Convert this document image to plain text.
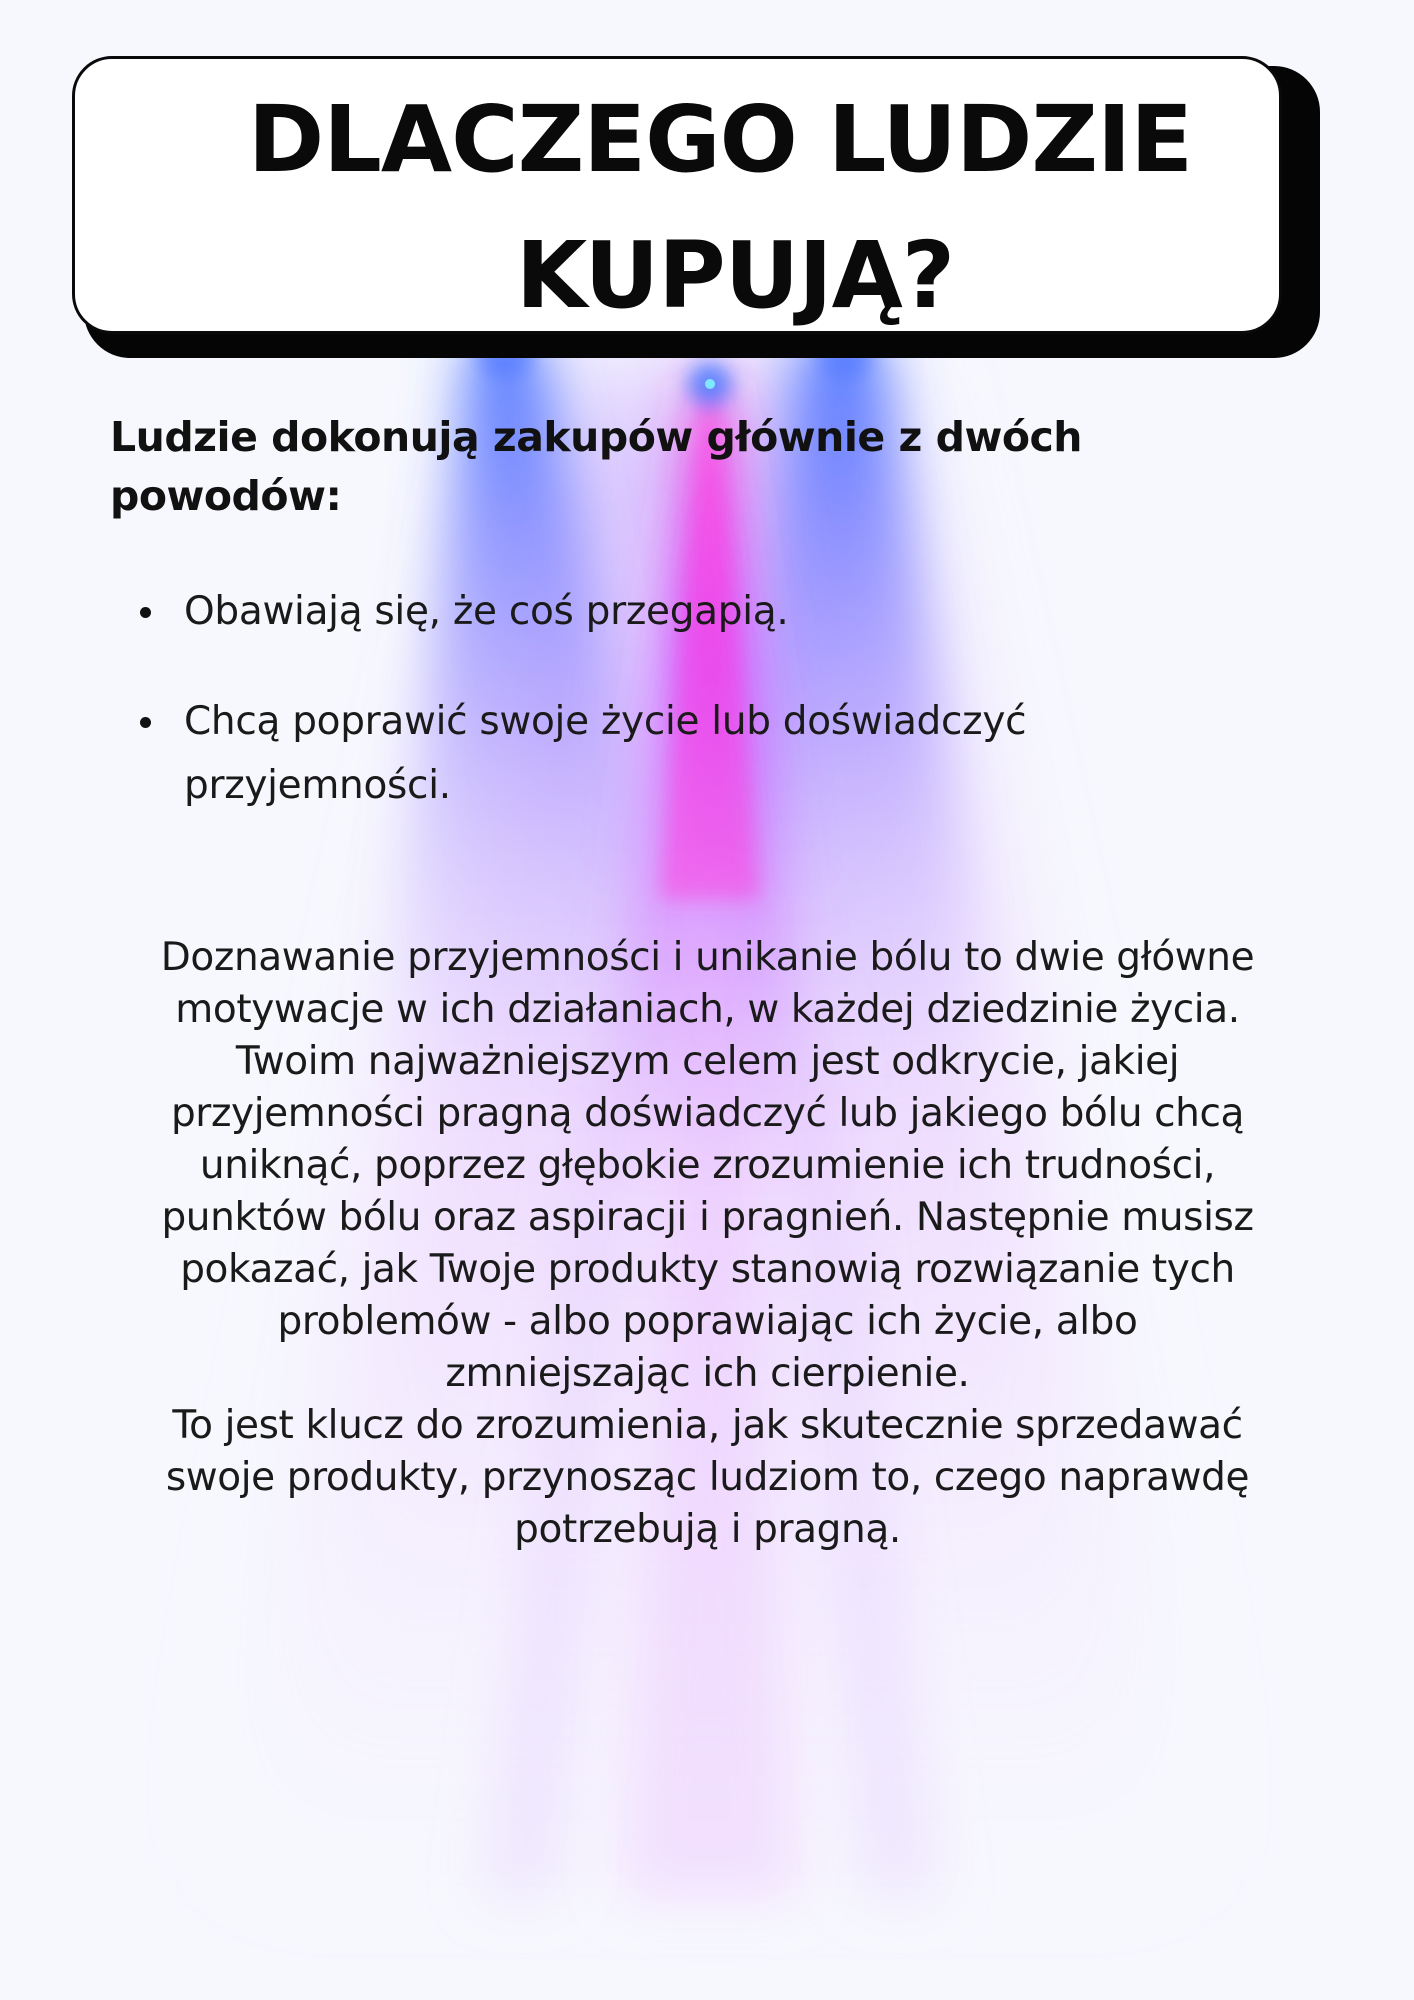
DLACZEGO LUDZIE
KUPUJĄ?

Ludzie dokonują zakupów głównie z dwóch
powodów:

Obawiają się, że coś przegapią.
Chcą poprawić swoje życie lub doświadczyć
przyjemności.

Doznawanie przyjemności i unikanie bólu to dwie główne
motywacje w ich działaniach, w każdej dziedzinie życia.
Twoim najważniejszym celem jest odkrycie, jakiej
przyjemności pragną doświadczyć lub jakiego bólu chcą
uniknąć, poprzez głębokie zrozumienie ich trudności,
punktów bólu oraz aspiracji i pragnień. Następnie musisz
pokazać, jak Twoje produkty stanowią rozwiązanie tych
problemów - albo poprawiając ich życie, albo
zmniejszając ich cierpienie.
To jest klucz do zrozumienia, jak skutecznie sprzedawać
swoje produkty, przynosząc ludziom to, czego naprawdę
potrzebują i pragną.
